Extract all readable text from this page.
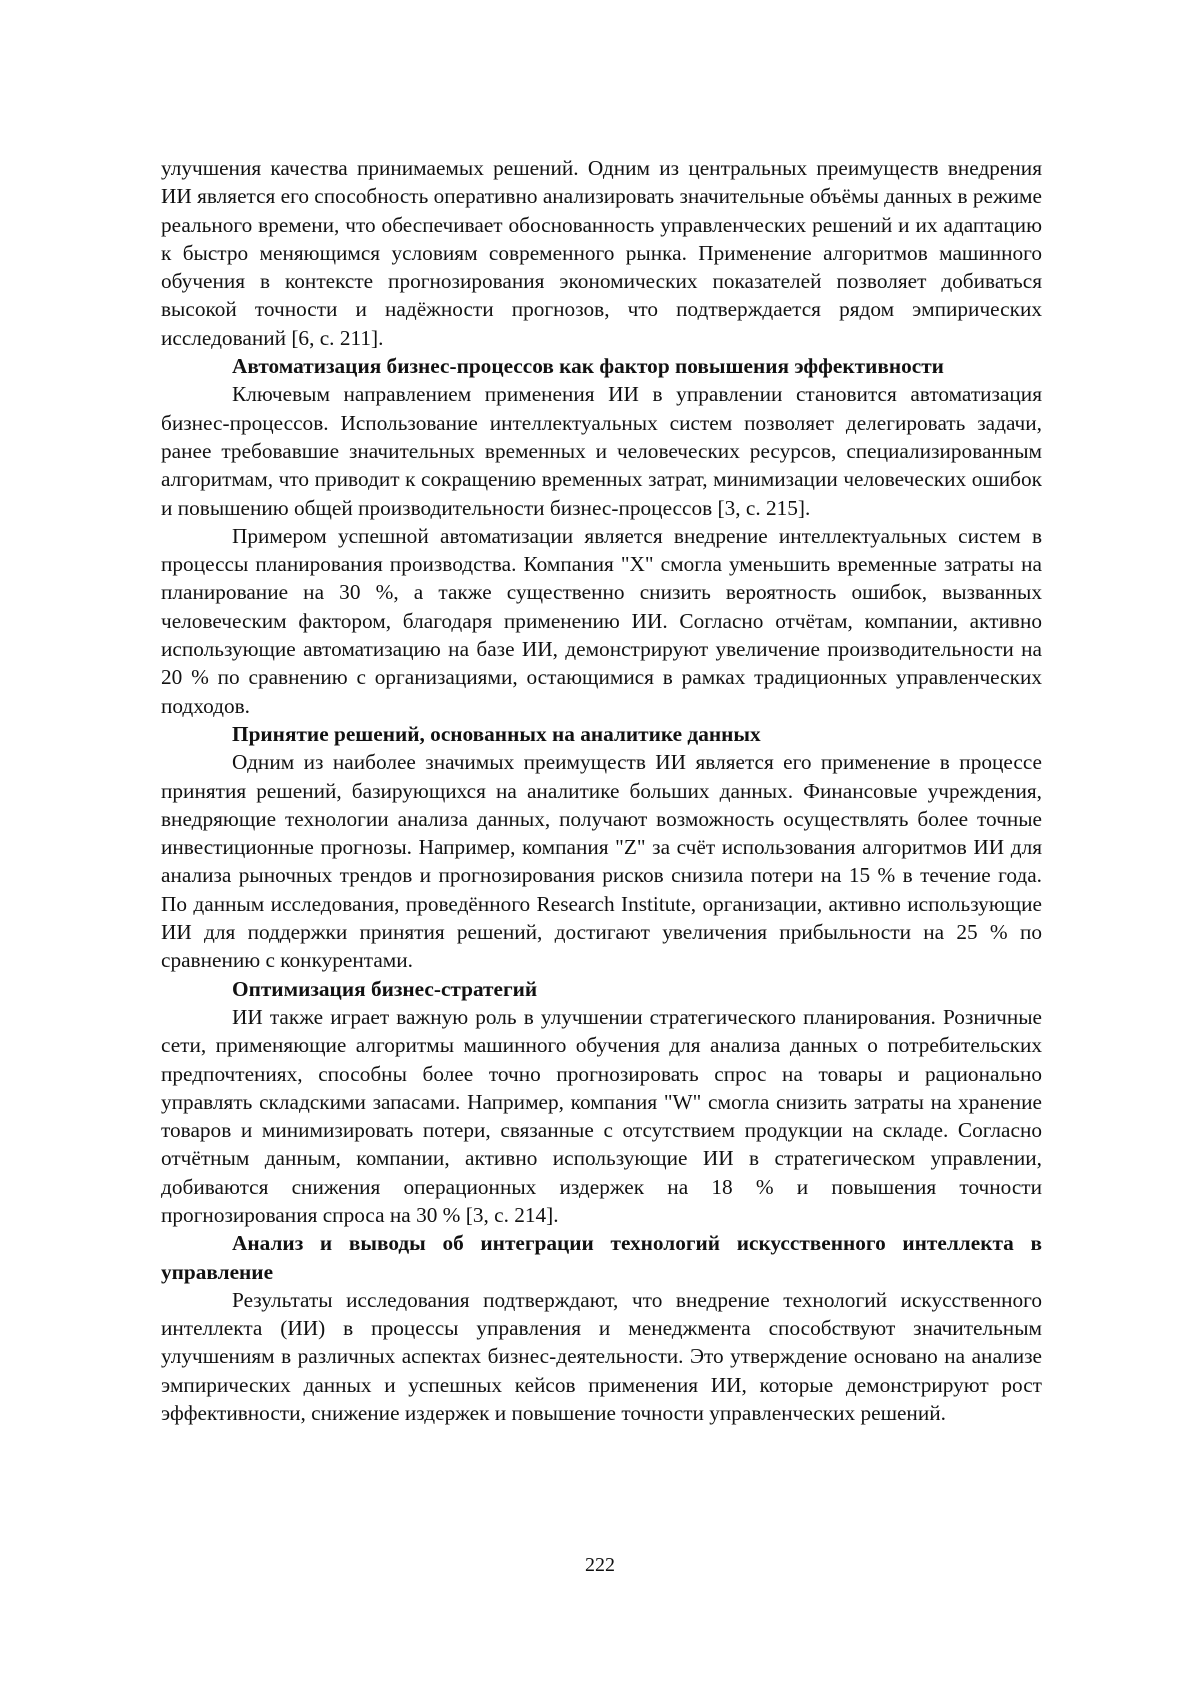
улучшения качества принимаемых решений. Одним из центральных преимуществ внедрения ИИ является его способность оперативно анализировать значительные объёмы данных в режиме реального времени, что обеспечивает обоснованность управленческих решений и их адаптацию к быстро меняющимся условиям современ­ного рынка. Применение алгоритмов машинного обучения в контексте прогнози­рования экономических показателей позволяет добиваться высокой точности и надёж­ности прогнозов, что подтверждается рядом эмпирических исследований [6, с. 211].

Автоматизация бизнес-процессов как фактор повышения эффективности

Ключевым направлением применения ИИ в управлении становится автомати­зация бизнес-процессов. Использование интеллектуальных систем позволяет делеги­ровать задачи, ранее требовавшие значительных временных и человеческих ресурсов, специализированным алгоритмам, что приводит к сокращению временных затрат, минимизации человеческих ошибок и повышению общей производительности биз­нес-процессов [3, с. 215].

Примером успешной автоматизации является внедрение интеллектуальных систем в процессы планирования производства. Компания "X" смогла уменьшить временные затраты на планирование на 30 %, а также существенно снизить вероят­ность ошибок, вызванных человеческим фактором, благодаря применению ИИ. Со­гласно отчётам, компании, активно использующие автоматизацию на базе ИИ, демон­стрируют увеличение производительности на 20 % по сравнению с организациями, остающимися в рамках традиционных управленческих подходов.

Принятие решений, основанных на аналитике данных

Одним из наиболее значимых преимуществ ИИ является его применение в процессе принятия решений, базирующихся на аналитике больших данных. Финан­совые учреждения, внедряющие технологии анализа данных, получают возможность осуществлять более точные инвестиционные прогнозы. Например, компания "Z" за счёт использования алгоритмов ИИ для анализа рыночных трендов и прогнозирова­ния рисков снизила потери на 15 % в течение года. По данным исследования, прове­дённого Research Institute, организации, активно использующие ИИ для поддержки принятия решений, достигают увеличения прибыльности на 25 % по сравнению с конкурентами.

Оптимизация бизнес-стратегий

ИИ также играет важную роль в улучшении стратегического планирования. Розничные сети, применяющие алгоритмы машинного обучения для анализа данных о потребительских предпочтениях, способны более точно прогнозировать спрос на товары и рационально управлять складскими запасами. Например, компания "W" смогла снизить затраты на хранение товаров и минимизировать потери, связанные с отсутствием продукции на складе. Согласно отчётным данным, компании, активно использующие ИИ в стратегическом управлении, добиваются снижения операцион­ных издержек на 18 % и повышения точности прогнозирования спроса на 30 % [3, с. 214].

Анализ и выводы об интеграции технологий искусственного интеллекта в управление

Результаты исследования подтверждают, что внедрение технологий искус­ственного интеллекта (ИИ) в процессы управления и менеджмента способствуют зна­чительным улучшениям в различных аспектах бизнес-деятельности. Это утвержде­ние основано на анализе эмпирических данных и успешных кейсов применения ИИ, которые демонстрируют рост эффективности, снижение издержек и повышение точ­ности управленческих решений.

222
